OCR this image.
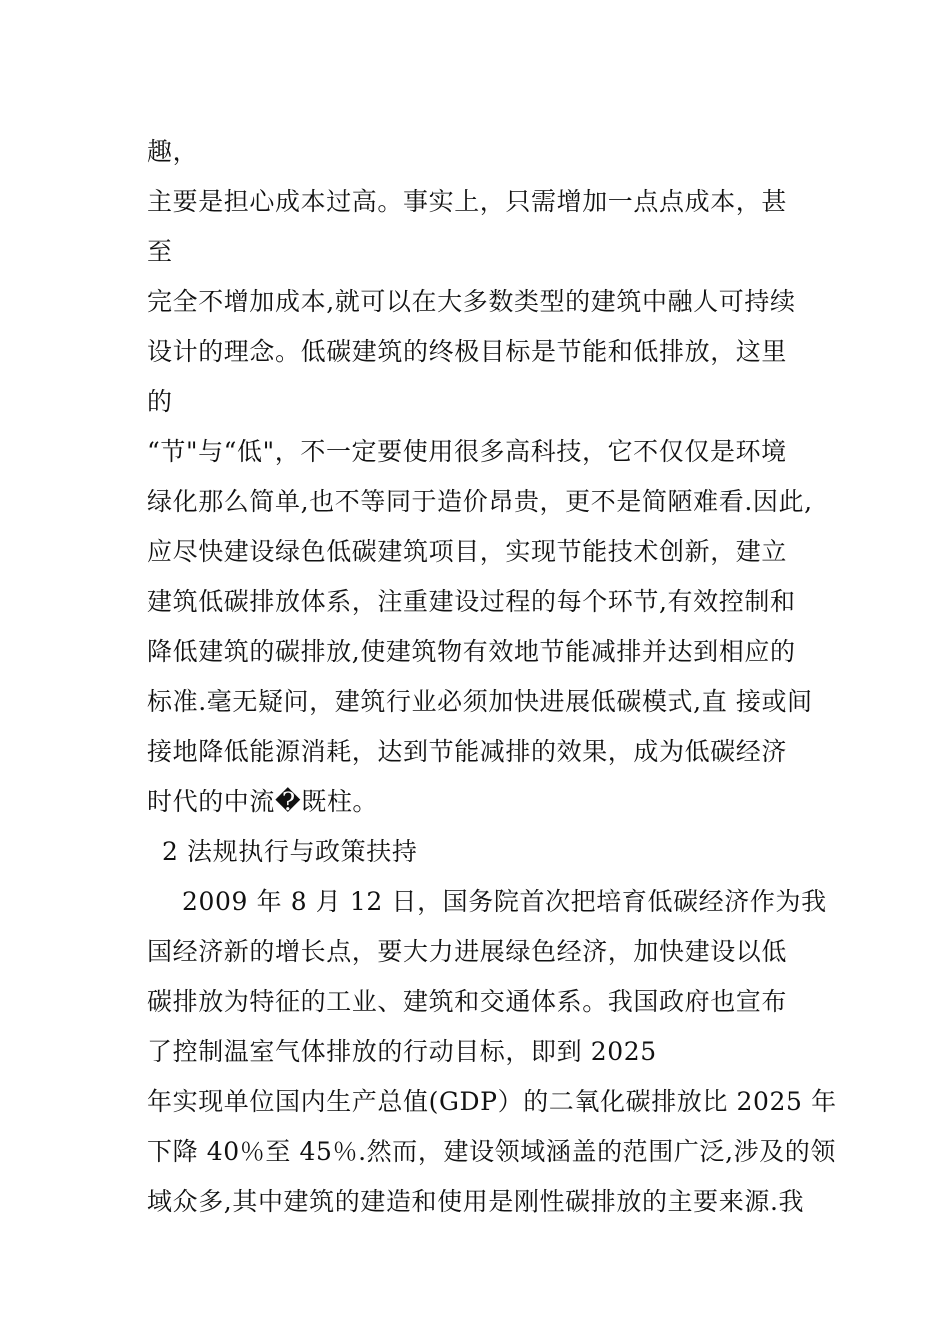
趣，
主要是担心成本过高。事实上，只需增加一点点成本，甚
至
完全不增加成本,就可以在大多数类型的建筑中融人可持续
设计的理念。低碳建筑的终极目标是节能和低排放，这里
的
“节"与“低"，不一定要使用很多高科技，它不仅仅是环境
绿化那么简单,也不等同于造价昂贵，更不是简陋难看.因此,
应尽快建设绿色低碳建筑项目，实现节能技术创新，建立
建筑低碳排放体系，注重建设过程的每个环节,有效控制和
降低建筑的碳排放,使建筑物有效地节能减排并达到相应的
标准.毫无疑问，建筑行业必须加快进展低碳模式,直 接或间
接地降低能源消耗，达到节能减排的效果，成为低碳经济
时代的中流�既柱。
2 法规执行与政策扶持
2009 年 8 月 12 日，国务院首次把培育低碳经济作为我
国经济新的增长点，要大力进展绿色经济，加快建设以低
碳排放为特征的工业、建筑和交通体系。我国政府也宣布
了控制温室气体排放的行动目标，即到 2025
年实现单位国内生产总值(GDP）的二氧化碳排放比 2025 年
下降 40％至 45％.然而，建设领域涵盖的范围广泛,涉及的领
域众多,其中建筑的建造和使用是刚性碳排放的主要来源.我
